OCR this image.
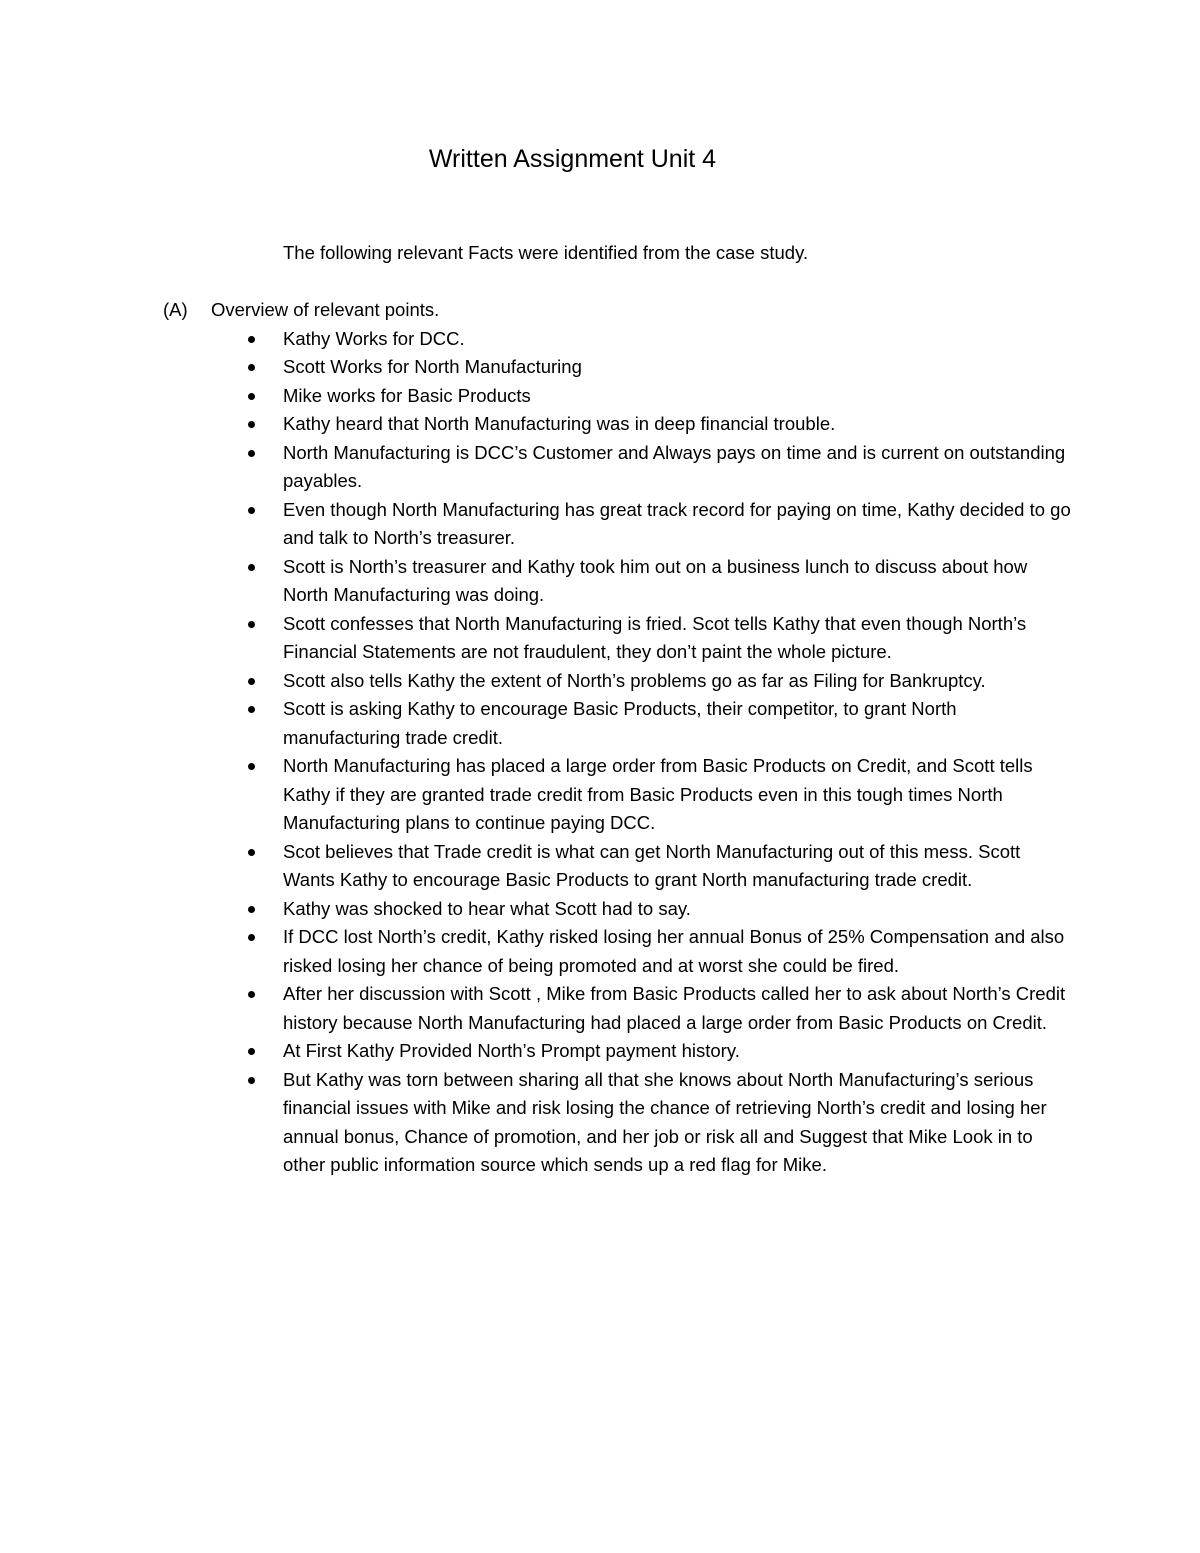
Written Assignment Unit 4

The following relevant Facts were identified from the case study.

(A) Overview of relevant points.

Kathy Works for DCC.
Scott Works for North Manufacturing
Mike works for Basic Products
Kathy heard that North Manufacturing was in deep financial trouble.
North Manufacturing is DCC’s Customer and Always pays on time and is current on outstanding payables.
Even though North Manufacturing has great track record for paying on time, Kathy decided to go and talk to North’s treasurer.
Scott is North’s treasurer and Kathy took him out on a business lunch to discuss about how North Manufacturing was doing.
Scott confesses that North Manufacturing is fried. Scot tells Kathy that even though North’s Financial Statements are not fraudulent, they don’t paint the whole picture.
Scott also tells Kathy the extent of North’s problems go as far as Filing for Bankruptcy.
Scott is asking Kathy to encourage Basic Products, their competitor, to grant North manufacturing trade credit.
North Manufacturing has placed a large order from Basic Products on Credit, and Scott tells Kathy if they are granted trade credit from Basic Products even in this tough times North Manufacturing plans to continue paying DCC.
Scot believes that Trade credit is what can get North Manufacturing out of this mess. Scott Wants Kathy to encourage Basic Products to grant North manufacturing trade credit.
Kathy was shocked to hear what Scott had to say.
If DCC lost North’s credit, Kathy risked losing her annual Bonus of 25% Compensation and also risked losing her chance of being promoted and at worst she could be fired.
After her discussion with Scott , Mike from Basic Products called her to ask about North’s Credit history because North Manufacturing had placed a large order from Basic Products on Credit.
At First Kathy Provided North’s Prompt payment history.
But Kathy was torn between sharing all that she knows about North Manufacturing’s serious financial issues with Mike and risk losing the chance of retrieving North’s credit and losing her annual bonus, Chance of promotion, and her job or risk all and Suggest that Mike Look in to other public information source which sends up a red flag for Mike.
